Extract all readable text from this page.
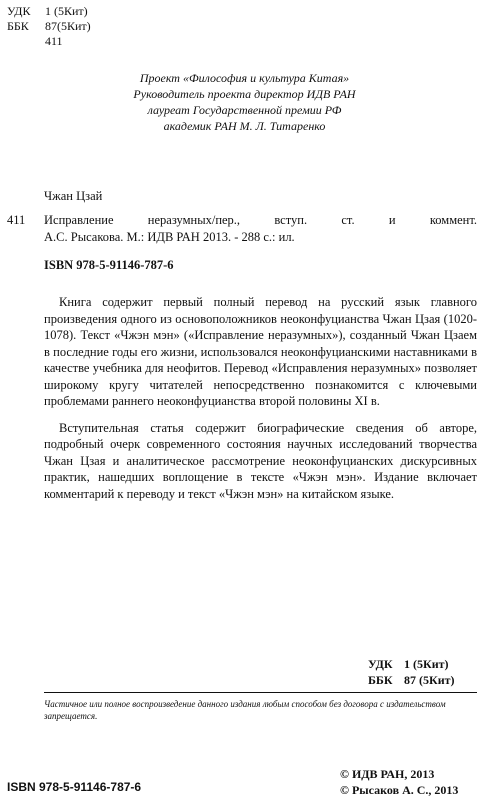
УДК 1 (5Кит)
ББК 87(5Кит)
411
Проект «Философия и культура Китая»
Руководитель проекта директор ИДВ РАН
лауреат Государственной премии РФ
академик РАН М. Л. Титаренко
Чжан Цзай
411 Исправление неразумных/пер., вступ. ст. и коммент.
А.С. Рысакова. М.: ИДВ РАН 2013. - 288 с.: ил.
ISBN 978-5-91146-787-6

Книга содержит первый полный перевод на русский язык главного произведения одного из основоположников неоконфуцианства Чжан Цзая (1020-1078). Текст «Чжэн мэн» («Исправление неразумных»), созданный Чжан Цзаем в последние годы его жизни, использовался неоконфуцианскими наставниками в качестве учебника для неофитов. Перевод «Исправления неразумных» позволяет широкому кругу читателей непосредственно познакомится с ключевыми проблемами раннего неоконфуцианства второй половины XI в.

Вступительная статья содержит биографические сведения об авторе, подробный очерк современного состояния научных исследований творчества Чжан Цзая и аналитическое рассмотрение неоконфуцианских дискурсивных практик, нашедших воплощение в тексте «Чжэн мэн». Издание включает комментарий к переводу и текст «Чжэн мэн» на китайском языке.

УДК 1 (5Кит)
ББК 87 (5Кит)
Частичное или полное воспроизведение данного издания любым способом без договора с издательством запрещается.
ISBN 978-5-91146-787-6
© ИДВ РАН, 2013
© Рысаков А. С., 2013
